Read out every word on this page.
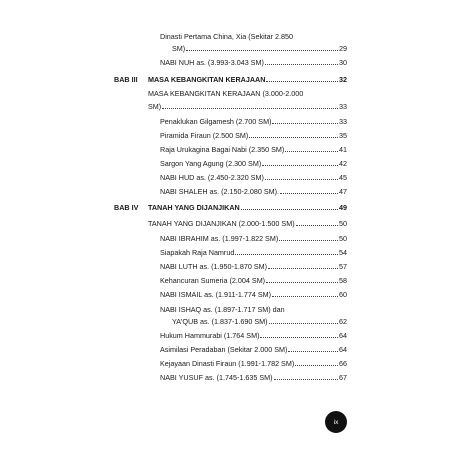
Dinasti Pertama China, Xia (Sekitar 2.850
SM)	29
NABI NUH as. (3.993-3.043 SM)	30
BAB III MASA KEBANGKITAN KERAJAAN	32
MASA KEBANGKITAN KERAJAAN (3.000-2.000
SM)	33
Penaklukan Gilgamesh (2.700 SM)	33
Piramida Firaun (2.500 SM)	35
Raja Urukagina Bagai Nabi (2.350 SM)	41
Sargon Yang Agung (2.300 SM)	42
NABI HUD as. (2.450-2.320 SM)	45
NABI SHALEH as. (2.150-2.080 SM).	47
BAB IV TANAH YANG DIJANJIKAN	49
TANAH YANG DIJANJIKAN (2.000-1.500 SM)	50
NABI IBRAHIM as. (1.997-1.822 SM)	50
Siapakah Raja Namrud	54
NABI LUTH as. (1.950-1.870 SM)	57
Kehancuran Sumeria (2.004 SM)	58
NABI ISMAIL as. (1.911-1.774 SM)	60
NABI ISHAQ as. (1.897-1.717 SM) dan
YA'QUB as. (1.837-1.690 SM)	62
Hukum Hammurabi (1.764 SM)	64
Asimilasi Peradaban (Sekitar 2.000 SM)	64
Kejayaan Dinasti Firaun (1.991-1.782 SM)	66
NABI YUSUF as. (1.745-1.635 SM)	67
ix
